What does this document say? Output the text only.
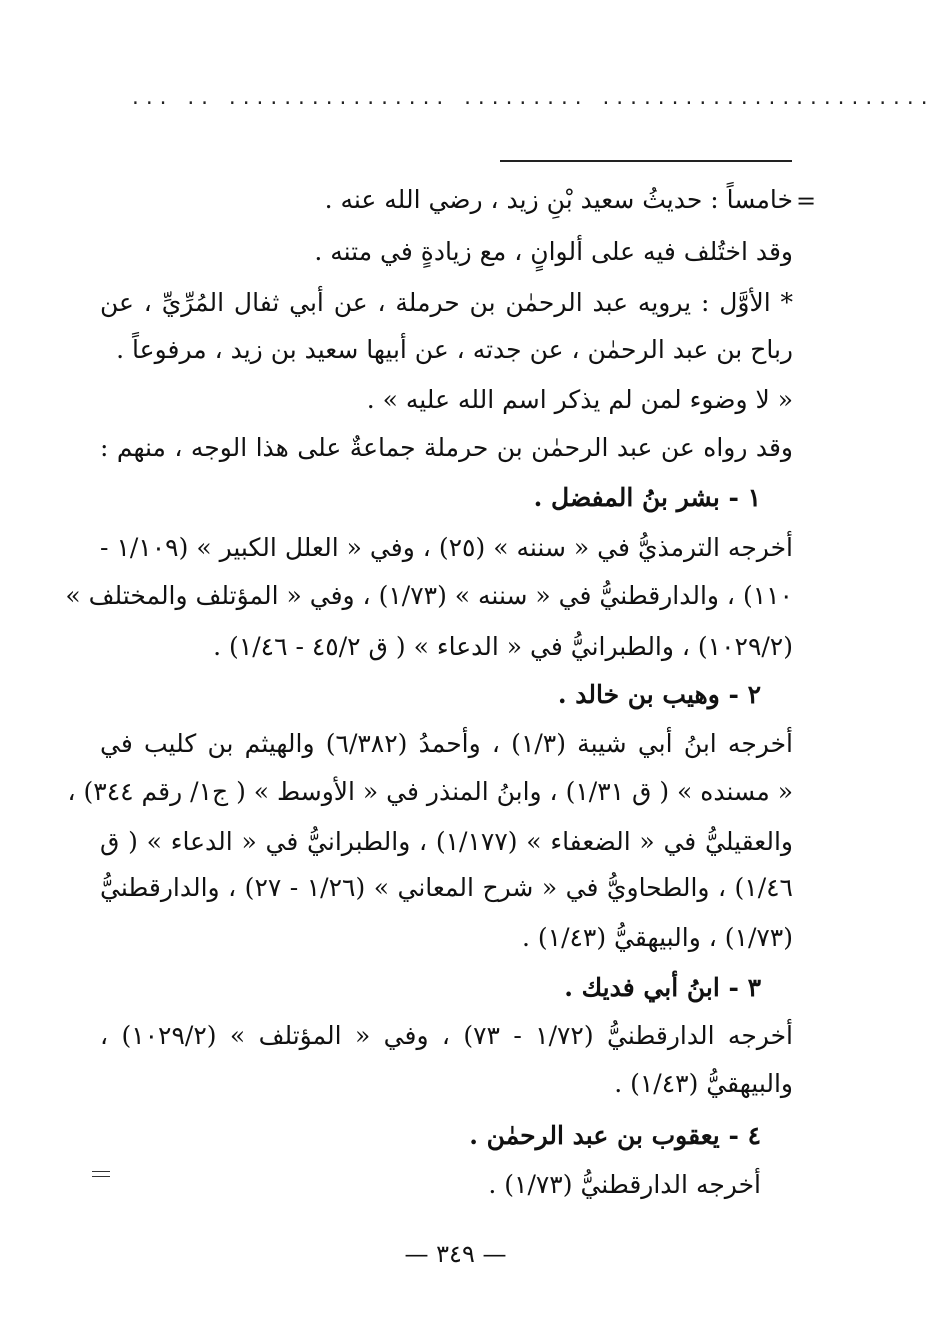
... .. ................ ......... ........................
=
خامساً : حديثُ سعيد بْنِ زيد ، رضي الله عنه .
وقد اختُلف فيه على ألوانٍ ، مع زيادةٍ في متنه .
* الأوَّل : يرويه عبد الرحمٰن بن حرملة ، عن أبي ثفال المُرِّيِّ ، عن
رباح بن عبد الرحمٰن ، عن جدته ، عن أبيها سعيد بن زيد ، مرفوعاً .
« لا وضوء لمن لم يذكر اسم الله عليه » .
وقد رواه عن عبد الرحمٰن بن حرملة جماعةٌ على هذا الوجه ، منهم :
١ - بشر بنُ المفضل .
أخرجه الترمذيُّ في « سننه » (٢٥) ، وفي « العلل الكبير » (١/١٠٩ -
١١٠) ، والدارقطنيُّ في « سننه » (١/٧٣) ، وفي « المؤتلف والمختلف »
(١٠٢٩/٢) ، والطبرانيُّ في « الدعاء » ( ق ٤٥/٢ - ١/٤٦) .
٢ - وهيب بن خالد .
أخرجه ابنُ أبي شيبة (١/٣) ، وأحمدُ (٦/٣٨٢) والهيثم بن كليب في
« مسنده » ( ق ١/٣١) ، وابنُ المنذر في « الأوسط » ( ج١/ رقم ٣٤٤) ،
والعقيليُّ في « الضعفاء » (١/١٧٧) ، والطبرانيُّ في « الدعاء » ( ق
١/٤٦) ، والطحاويُّ في « شرح المعاني » (١/٢٦ - ٢٧) ، والدارقطنيُّ
(١/٧٣) ، والبيهقيُّ (١/٤٣) .
٣ - ابنُ أبي فديك .
أخرجه الدارقطنيُّ (١/٧٢ - ٧٣) ، وفي « المؤتلف » (١٠٢٩/٢) ،
والبيهقيُّ (١/٤٣) .
٤ - يعقوب بن عبد الرحمٰن .
أخرجه الدارقطنيُّ (١/٧٣) .
— ٣٤٩ —
